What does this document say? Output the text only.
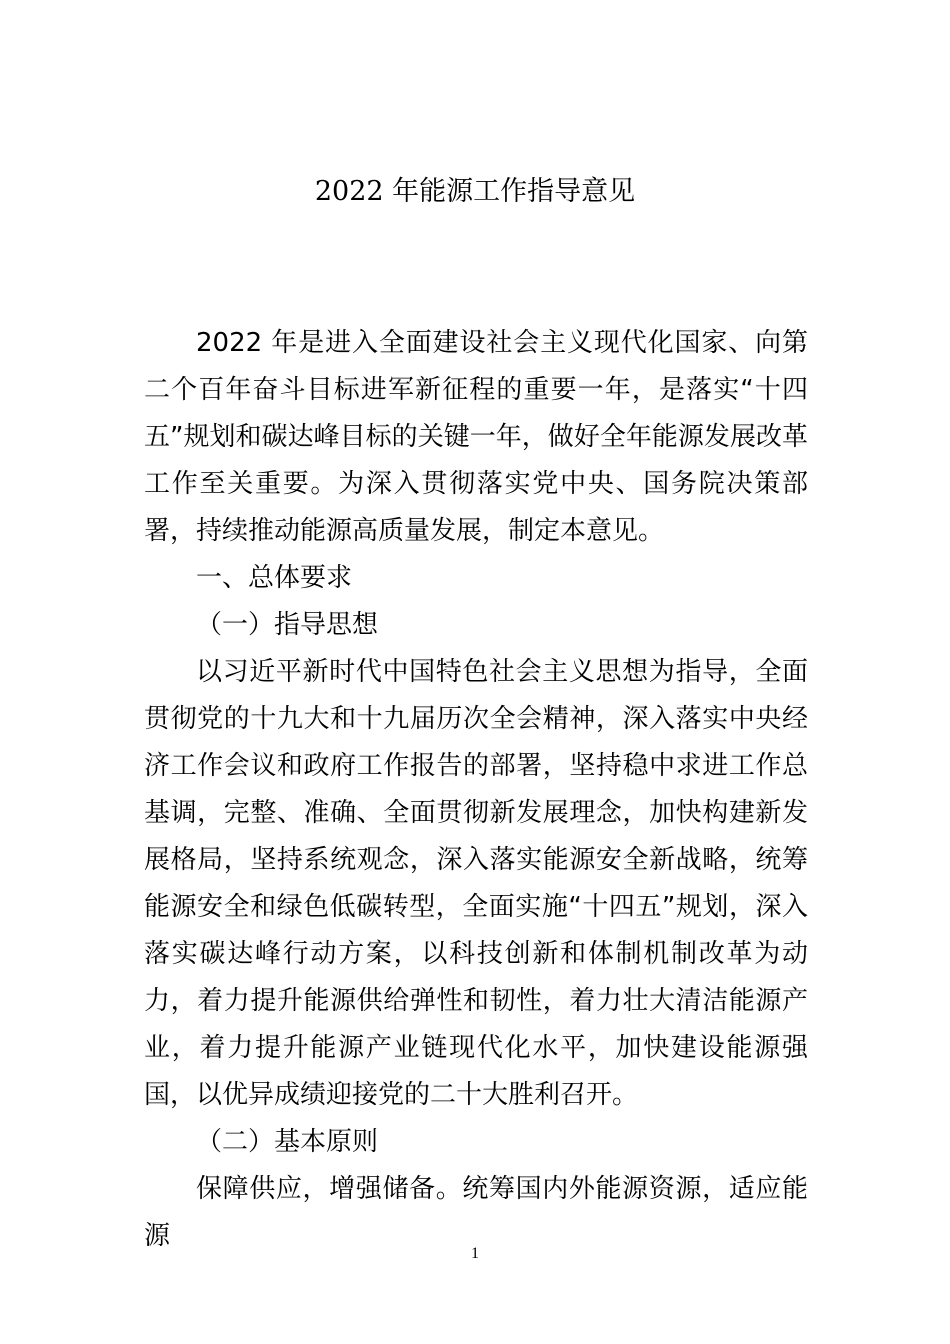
2022 年能源工作指导意见

2022 年是进入全面建设社会主义现代化国家、向第二个百年奋斗目标进军新征程的重要一年，是落实“十四五”规划和碳达峰目标的关键一年，做好全年能源发展改革工作至关重要。为深入贯彻落实党中央、国务院决策部署，持续推动能源高质量发展，制定本意见。

一、总体要求

（一）指导思想

以习近平新时代中国特色社会主义思想为指导，全面贯彻党的十九大和十九届历次全会精神，深入落实中央经济工作会议和政府工作报告的部署，坚持稳中求进工作总基调，完整、准确、全面贯彻新发展理念，加快构建新发展格局，坚持系统观念，深入落实能源安全新战略，统筹能源安全和绿色低碳转型，全面实施“十四五”规划，深入落实碳达峰行动方案，以科技创新和体制机制改革为动力，着力提升能源供给弹性和韧性，着力壮大清洁能源产业，着力提升能源产业链现代化水平，加快建设能源强国，以优异成绩迎接党的二十大胜利召开。

（二）基本原则

保障供应，增强储备。统筹国内外能源资源，适应能源

1
